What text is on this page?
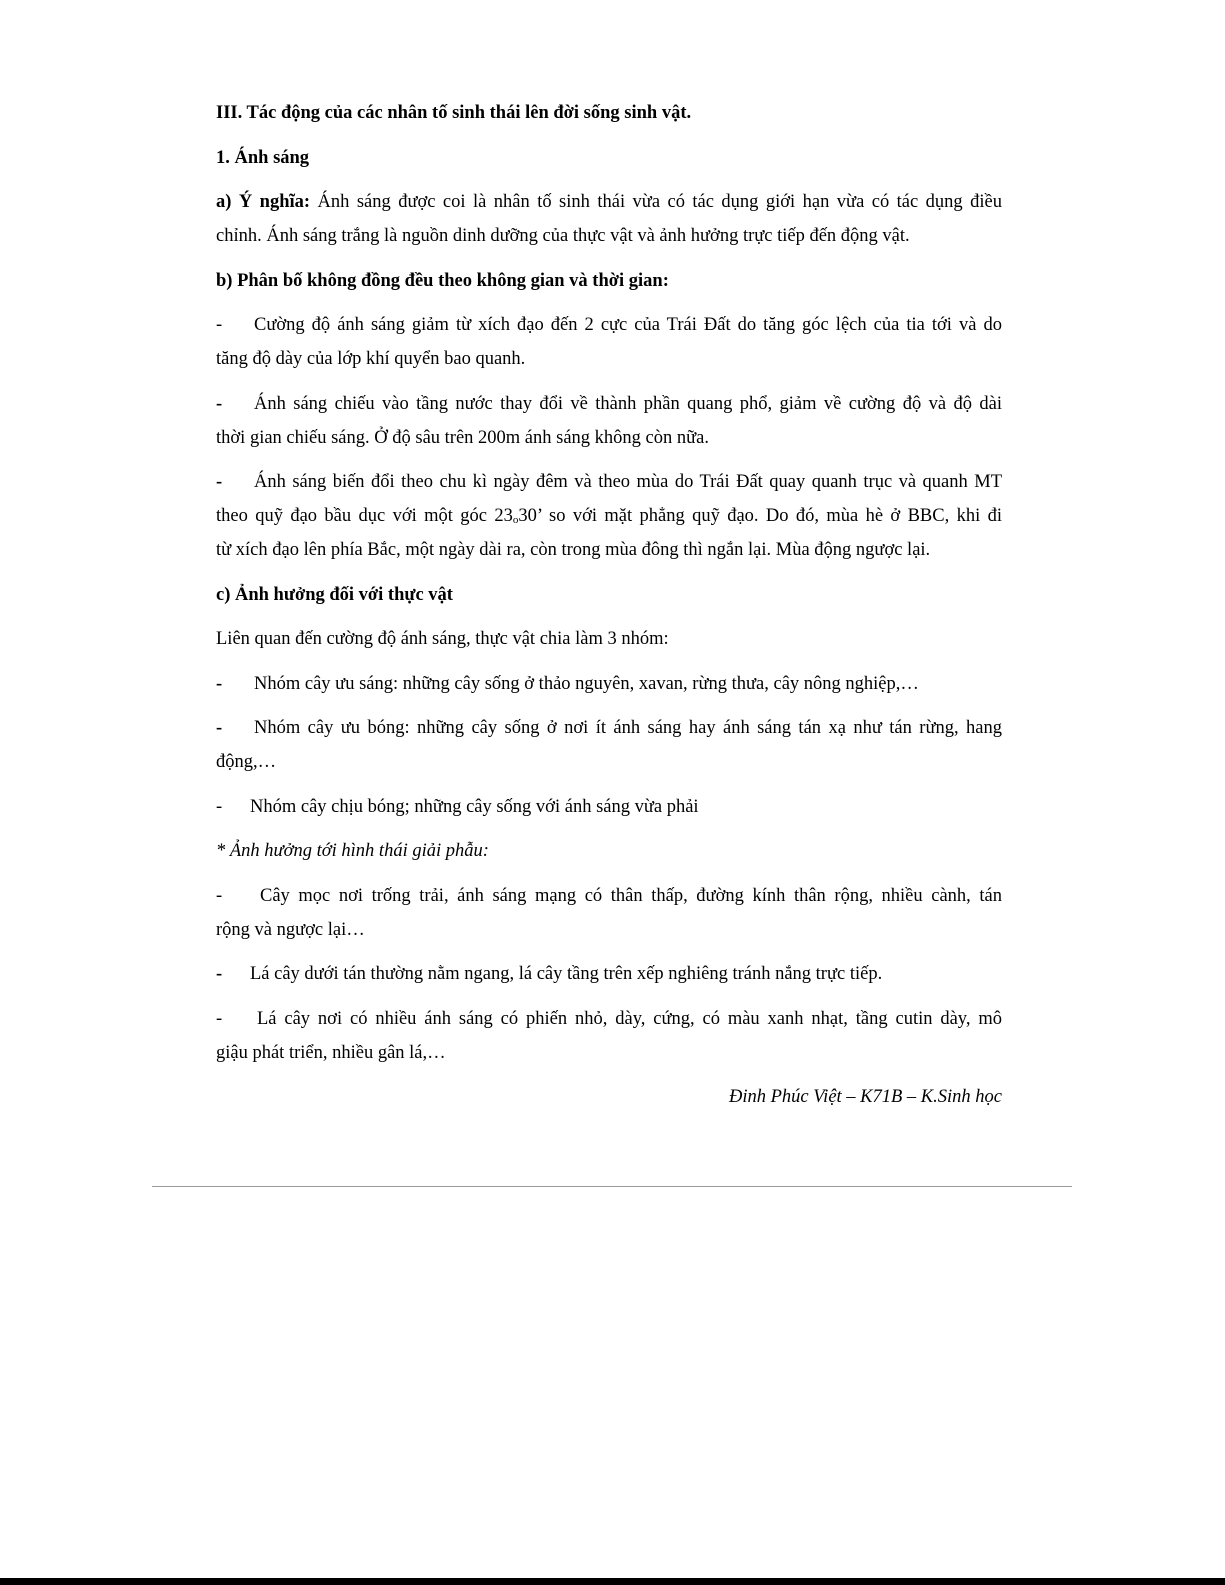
III. Tác động của các nhân tố sinh thái lên đời sống sinh vật.
1. Ánh sáng
a) Ý nghĩa: Ánh sáng được coi là nhân tố sinh thái vừa có tác dụng giới hạn vừa có tác dụng điều
chỉnh. Ánh sáng trắng là nguồn dinh dưỡng của thực vật và ảnh hưởng trực tiếp đến động vật.
b) Phân bố không đồng đều theo không gian và thời gian:
- Cường độ ánh sáng giảm từ xích đạo đến 2 cực của Trái Đất do tăng góc lệch của tia tới và do
tăng độ dày của lớp khí quyển bao quanh.
- Ánh sáng chiếu vào tầng nước thay đổi về thành phần quang phổ, giảm về cường độ và độ dài
thời gian chiếu sáng. Ở độ sâu trên 200m ánh sáng không còn nữa.
- Ánh sáng biến đổi theo chu kì ngày đêm và theo mùa do Trái Đất quay quanh trục và quanh MT
theo quỹ đạo bầu dục với một góc $23_o30$’ so với mặt phẳng quỹ đạo. Do đó, mùa hè ở BBC, khi đi
từ xích đạo lên phía Bắc, một ngày dài ra, còn trong mùa đông thì ngắn lại. Mùa động ngược lại.
c) Ảnh hưởng đối với thực vật
Liên quan đến cường độ ánh sáng, thực vật chia làm 3 nhóm:
- Nhóm cây ưu sáng: những cây sống ở thảo nguyên, xavan, rừng thưa, cây nông nghiệp,…
- Nhóm cây ưu bóng: những cây sống ở nơi ít ánh sáng hay ánh sáng tán xạ như tán rừng, hang
động,…
- Nhóm cây chịu bóng; những cây sống với ánh sáng vừa phải
* Ảnh hưởng tới hình thái giải phẫu:
- Cây mọc nơi trống trải, ánh sáng mạng có thân thấp, đường kính thân rộng, nhiều cành, tán
rộng và ngược lại…
- Lá cây dưới tán thường nằm ngang, lá cây tầng trên xếp nghiêng tránh nắng trực tiếp.
- Lá cây nơi có nhiều ánh sáng có phiến nhỏ, dày, cứng, có màu xanh nhạt, tầng cutin dày, mô
giậu phát triển, nhiều gân lá,…
Đinh Phúc Việt – K71B – K.Sinh học
